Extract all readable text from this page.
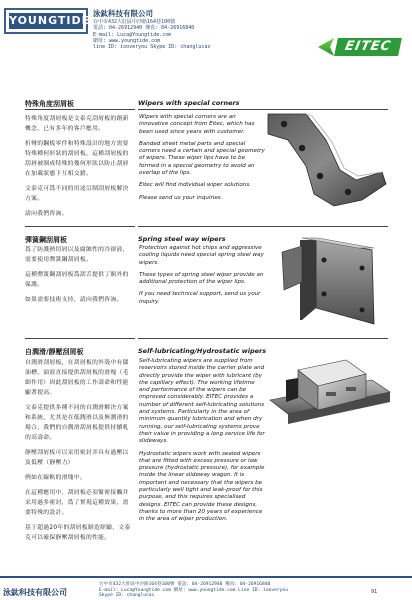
YOUNGTIDE
泳鈦科技有限公司
台中市432大肚區中沙路164巷100號
電話: 04-26912940 傳真: 04-26916840
E-mail: Luca@Youngtide.com
網址: www.youngtide.com
line ID: iooveryou Skype ID: changlucas	EITEC
特殊角度刮屑板	Wipers with special corners

特殊角度刮屑板是文泰克刮屑板的創新概念，已有多年的客戶應用。

折彎的鋼板零件和特殊設計的地方需要特殊種何形狀的刮屑板，這種刮屑板的刮唇被制成特殊的幾何形狀以防止刮唇在加載狀態下互相交錯。

文泰克可爲不同的用途訂制刮屑板解決方案。

請向我們咨詢。

Wipers with special corners are an innovative concept from Eitec, which has been used since years with customer.

Banded sheet metal parts and special corners need a certain and special geometry of wipers. These wiper lips have to be formed in a special geometry to avoid an overlap of the lips.

Eitec will find individual wiper solutions.

Please send us your inquiries.

彈簧鋼刮屑板	Spring steel way wipers

爲了防護熱切屑以及腐蝕性的冷卻液，需要使用彈簧鋼刮屑板。

這種彈簧鋼刮屑板爲刮舌提供了額外的保護。

如果需要技術支持，請向我們咨詢。

Protection against hot chips and aggressive cooling liquids need special spring steel way wipers.

These types of spring steel wiper provide an additional protection of the wiper lips.

If you need technical support, send us your inquiry.

自潤滑/靜壓刮屑板	Self-lubricating/Hydrostatic wipers

自潤滑刮屑板，在刮屑板的外殼中有儲油槽，油液直接提供刮屑板的滑塊（毛細作用）因此刮屑板的工作壽命和性能顯著提高。

文泰克提供多種不同的自潤滑解決方案和系統，尤其是在低潤滑以及無潤滑的場合，我們的自潤滑刮屑板提供持續軋的高壽命。

靜壓刮屑板可以采用密封并具有過壓以及低壓（靜壓力）

例如在線軌的滑塊中。

在這種應用中，刮屑板必須緊密接觸并采用過多密封，爲了實現這種效果，需要特殊的設計。

基于超過20年的刮屑板制造經驗，文泰克可以確保靜壓刮屑板的性能。

Self-lubricating wipers are supplied from reservoirs stored inside the carrier plate and directly provide the wiper with lubricant (by the capillary effect). The working lifetime and performance of the wipers can be improved considerably. EITEC provides a number of different self-lubricating solutions and systems. Particularly in the area of minimum quantity lubrication and when dry running, our self-lubricating systems prove their value in providing a long service life for slideways.

Hydrostatic wipers work with sealed wipers that are fitted with excess pressure or low pressure (hydrostatic pressure), for example inside the linear slideway wagon. It is important and necessary that the wipers be particularly well tight and leak-proof for this purpose, and this requires specialised designs. EITEC can provide these designs, thanks to more than 20 years of experience in the area of wiper production.

泳鈦科技有限公司
台中市432大肚區中沙路164巷100號 電話: 04-26912940 傳真: 04-26916840
E-mail: Luca@Youngtide.com 網址: www.youngtide.com Line ID: iooveryou
Skype ID: changlucas
91
